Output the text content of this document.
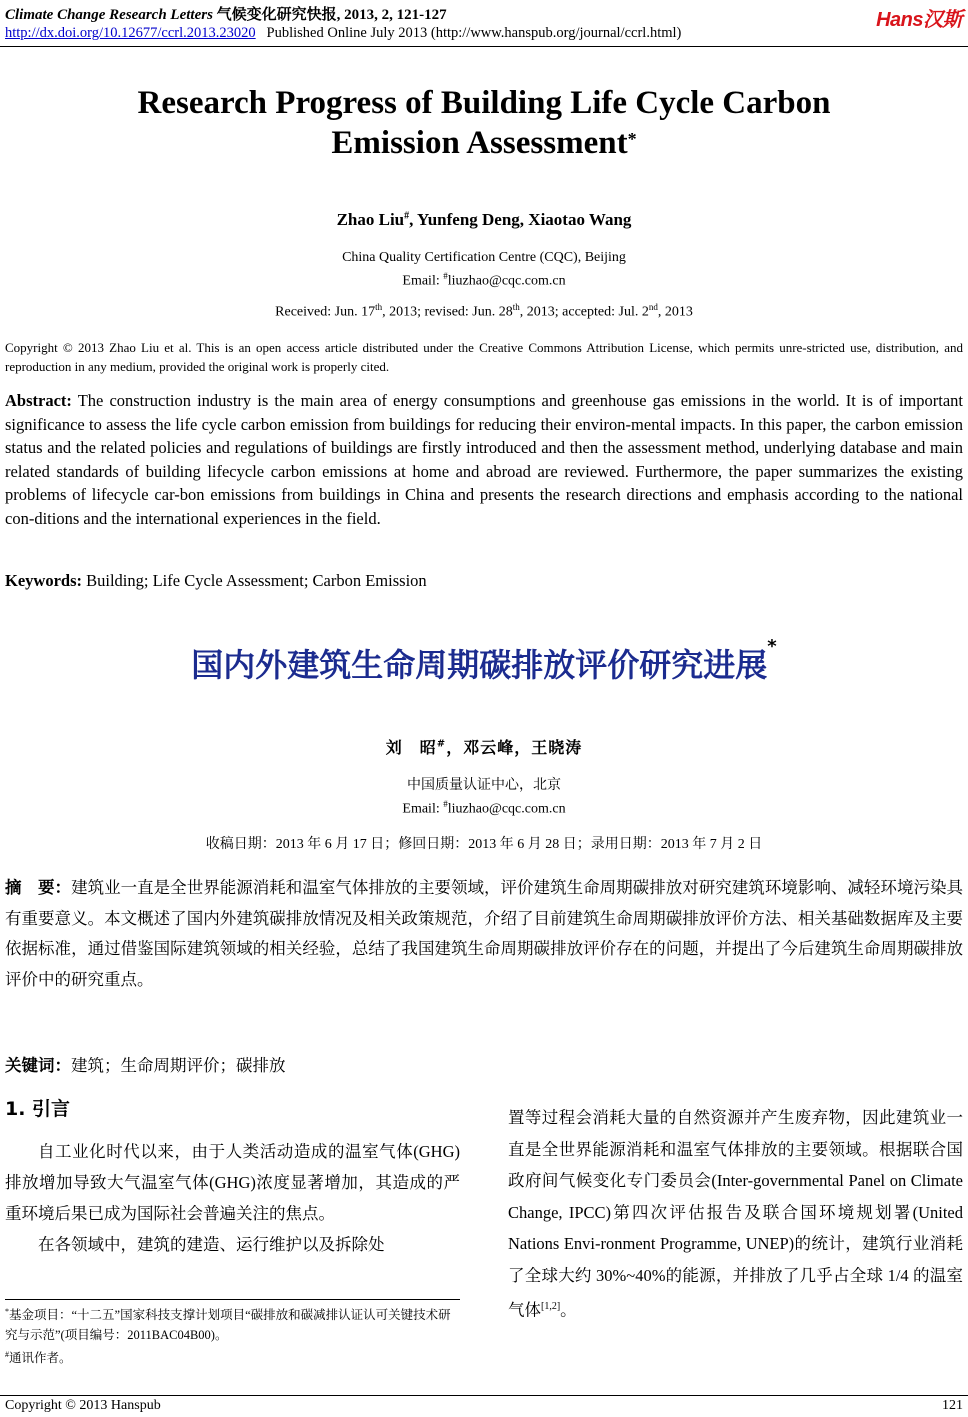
Climate Change Research Letters 气候变化研究快报, 2013, 2, 121-127
http://dx.doi.org/10.12677/ccrl.2013.23020 Published Online July 2013 (http://www.hanspub.org/journal/ccrl.html)
Hans汉斯
Research Progress of Building Life Cycle Carbon
Emission Assessment*
Zhao Liu#, Yunfeng Deng, Xiaotao Wang
China Quality Certification Centre (CQC), Beijing
Email: #liuzhao@cqc.com.cn
Received: Jun. 17th, 2013; revised: Jun. 28th, 2013; accepted: Jul. 2nd, 2013
Copyright © 2013 Zhao Liu et al. This is an open access article distributed under the Creative Commons Attribution License, which permits unre-stricted use, distribution, and reproduction in any medium, provided the original work is properly cited.
Abstract: The construction industry is the main area of energy consumptions and greenhouse gas emissions in the world. It is of important significance to assess the life cycle carbon emission from buildings for reducing their environ-mental impacts. In this paper, the carbon emission status and the related policies and regulations of buildings are firstly introduced and then the assessment method, underlying database and main related standards of building lifecycle carbon emissions at home and abroad are reviewed. Furthermore, the paper summarizes the existing problems of lifecycle car-bon emissions from buildings in China and presents the research directions and emphasis according to the national con-ditions and the international experiences in the field.
Keywords: Building; Life Cycle Assessment; Carbon Emission
国内外建筑生命周期碳排放评价研究进展*
刘　昭#，邓云峰，王晓涛
中国质量认证中心，北京
Email: #liuzhao@cqc.com.cn
收稿日期：2013 年 6 月 17 日；修回日期：2013 年 6 月 28 日；录用日期：2013 年 7 月 2 日
摘　要：建筑业一直是全世界能源消耗和温室气体排放的主要领域，评价建筑生命周期碳排放对研究建筑环境影响、减轻环境污染具有重要意义。本文概述了国内外建筑碳排放情况及相关政策规范，介绍了目前建筑生命周期碳排放评价方法、相关基础数据库及主要依据标准，通过借鉴国际建筑领域的相关经验，总结了我国建筑生命周期碳排放评价存在的问题，并提出了今后建筑生命周期碳排放评价中的研究重点。
关键词：建筑；生命周期评价；碳排放
1. 引言

自工业化时代以来，由于人类活动造成的温室气体(GHG)排放增加导致大气温室气体(GHG)浓度显著增加，其造成的严重环境后果已成为国际社会普遍关注的焦点。

在各领域中，建筑的建造、运行维护以及拆除处

置等过程会消耗大量的自然资源并产生废弃物，因此建筑业一直是全世界能源消耗和温室气体排放的主要领域。根据联合国政府间气候变化专门委员会(Inter-governmental Panel on Climate Change, IPCC)第四次评估报告及联合国环境规划署(United Nations Envi-ronment Programme, UNEP)的统计，建筑行业消耗了全球大约 30%~40%的能源，并排放了几乎占全球 1/4 的温室气体[1,2]。
*基金项目：“十二五”国家科技支撑计划项目“碳排放和碳减排认证认可关键技术研究与示范”(项目编号：2011BAC04B00)。
#通讯作者。
Copyright © 2013 Hanspub	121
